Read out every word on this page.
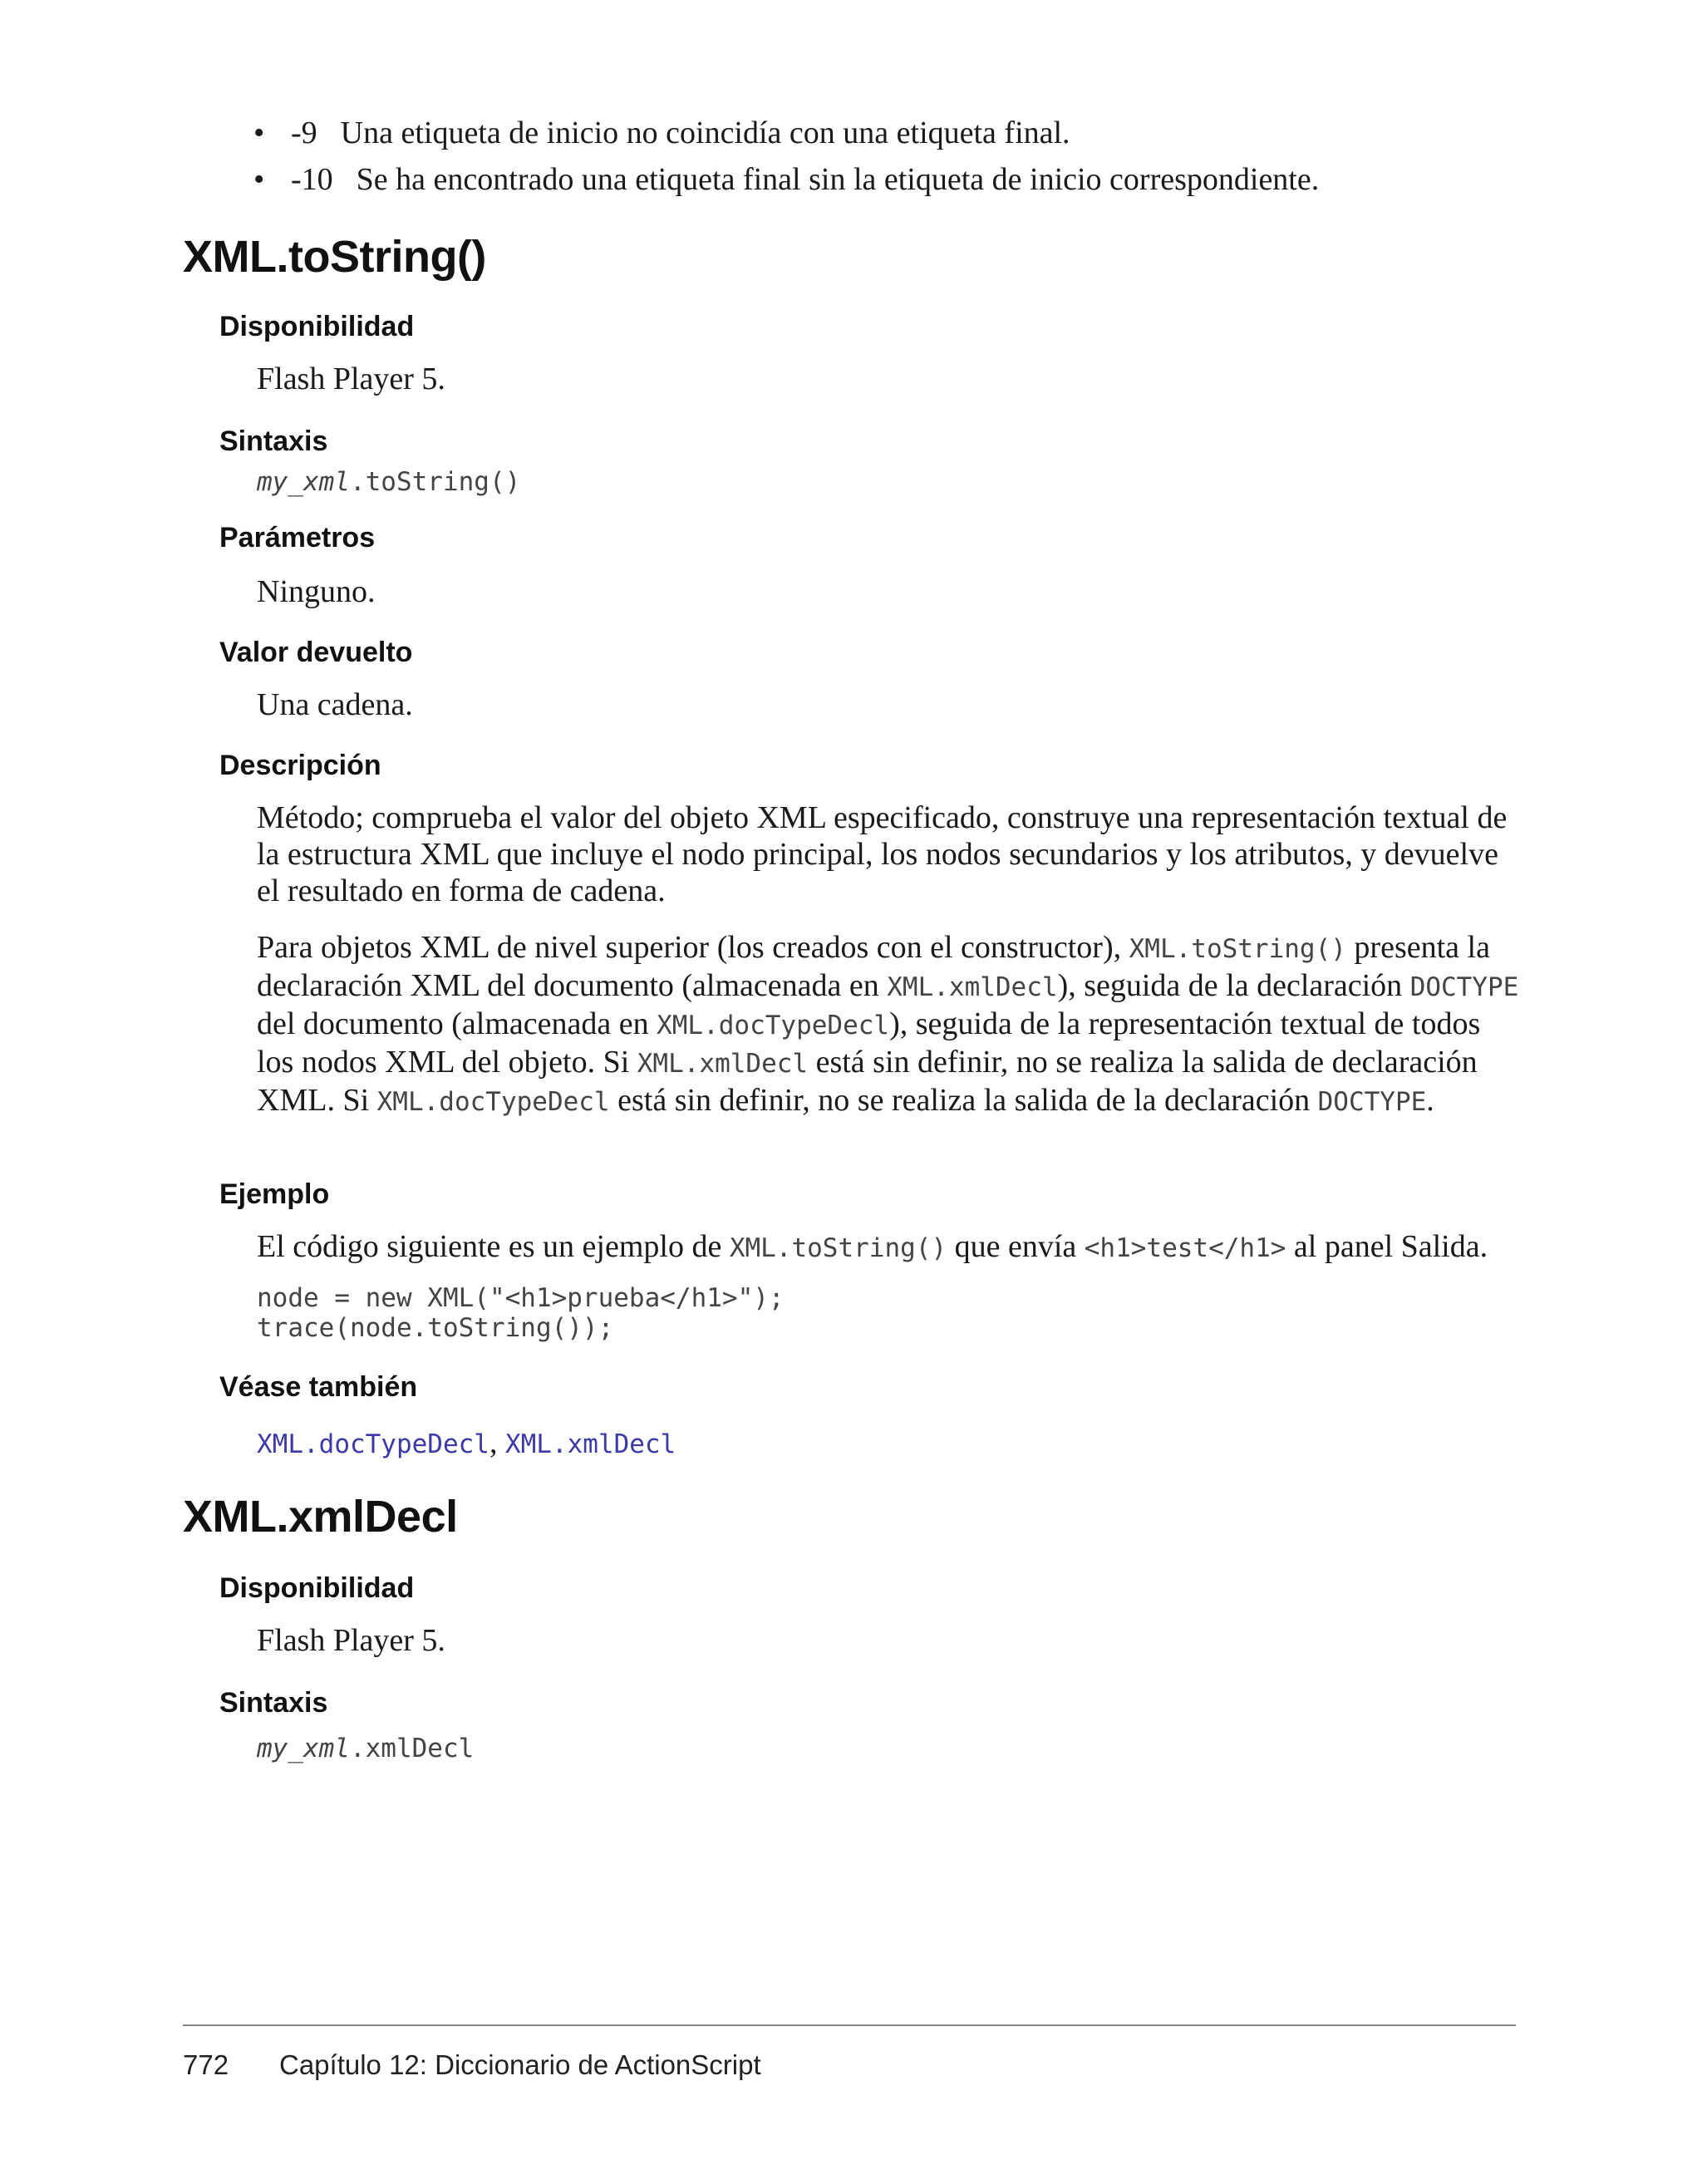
• -9 Una etiqueta de inicio no coincidía con una etiqueta final.
• -10 Se ha encontrado una etiqueta final sin la etiqueta de inicio correspondiente.
XML.toString()
Disponibilidad

Flash Player 5.

Sintaxis

my_xml.toString()

Parámetros

Ninguno.

Valor devuelto

Una cadena.

Descripción

Método; comprueba el valor del objeto XML especificado, construye una representación textual de la estructura XML que incluye el nodo principal, los nodos secundarios y los atributos, y devuelve el resultado en forma de cadena.

Para objetos XML de nivel superior (los creados con el constructor), XML.toString() presenta la declaración XML del documento (almacenada en XML.xmlDecl), seguida de la declaración DOCTYPE del documento (almacenada en XML.docTypeDecl), seguida de la representación textual de todos los nodos XML del objeto. Si XML.xmlDecl está sin definir, no se realiza la salida de declaración XML. Si XML.docTypeDecl está sin definir, no se realiza la salida de la declaración DOCTYPE.

Ejemplo

El código siguiente es un ejemplo de XML.toString() que envía <h1>test</h1> al panel Salida.

node = new XML("<h1>prueba</h1>");
trace(node.toString());
Véase también

XML.docTypeDecl, XML.xmlDecl

XML.xmlDecl
Disponibilidad

Flash Player 5.

Sintaxis

my_xml.xmlDecl

772 Capítulo 12: Diccionario de ActionScript
